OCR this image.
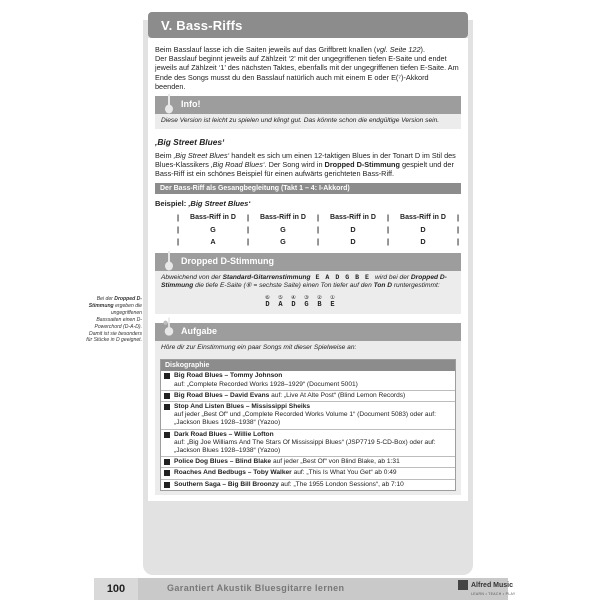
V. Bass-Riffs

Beim Basslauf lasse ich die Saiten jeweils auf das Griffbrett knallen (vgl. Seite 122).
Der Basslauf beginnt jeweils auf Zählzeit ‘2’ mit der ungegriffenen tiefen E-Saite und endet jeweils auf Zählzeit ‘1’ des nächsten Taktes, ebenfalls mit der ungegriffenen tiefen E-Saite. Am Ende des Songs musst du den Basslauf natürlich auch mit einem E oder E(⁷)-Akkord beenden.

Info!
Diese Version ist leicht zu spielen und klingt gut. Das könnte schon die endgültige Version sein.
‚Big Street Blues‘

Beim ‚Big Street Blues‘ handelt es sich um einen 12-taktigen Blues in der Tonart D im Stil des Blues-Klassikers ‚Big Road Blues‘. Der Song wird in Dropped D-Stimmung gespielt und der Bass-Riff ist ein schönes Beispiel für einen aufwärts gerichteten Bass-Riff.

Der Bass-Riff als Gesangbegleitung (Takt 1 – 4: I-Akkord)
Beispiel: ‚Big Street Blues‘
|	Bass-Riff in D	|	Bass-Riff in D	|	Bass-Riff in D	|	Bass-Riff in D	|
|	G	|	G	|	D	|	D	|
|	A	|	G	|	D	|	D	|
Dropped D-Stimmung
Abweichend von der Standard-Gitarrenstimmung E A D G B E wird bei der Dropped D-Stimmung die tiefe E-Saite (⑥ = sechste Saite) einen Ton tiefer auf den Ton D runtergestimmt:
⑥	⑤	④	③	②	①
D	A	D	G	B	E
Aufgabe
Höre dir zur Einstimmung ein paar Songs mit dieser Spielweise an:
Diskographie
Big Road Blues – Tommy Johnson
auf: „Complete Recorded Works 1928–1929“ (Document 5001)
Big Road Blues – David Evans auf: „Live At Alte Post“ (Blind Lemon Records)
Stop And Listen Blues – Mississippi Sheiks
auf jeder „Best Of“ und „Complete Recorded Works Volume 1“ (Document 5083) oder auf: „Jackson Blues 1928–1938“ (Yazoo)
Dark Road Blues – Willie Lofton
auf: „Big Joe Williams And The Stars Of Mississippi Blues“ (JSP7719 5-CD-Box) oder auf: „Jackson Blues 1928–1938“ (Yazoo)
Police Dog Blues – Blind Blake auf jeder „Best Of“ von Blind Blake, ab 1:31
Roaches And Bedbugs – Toby Walker auf: „This Is What You Get“ ab 0:49
Southern Saga – Big Bill Broonzy auf: „The 1955 London Sessions“, ab 7:10
Bei der Dropped D-Stimmung ergeben die ungegriffenen Basssaiten einen D-Powerchord (D-A-D). Damit ist sie besonders für Stücke in D geeignet.
100	Garantiert Akustik Bluesgitarre lernen	Alfred Music
LEARN • TEACH • PLAY
